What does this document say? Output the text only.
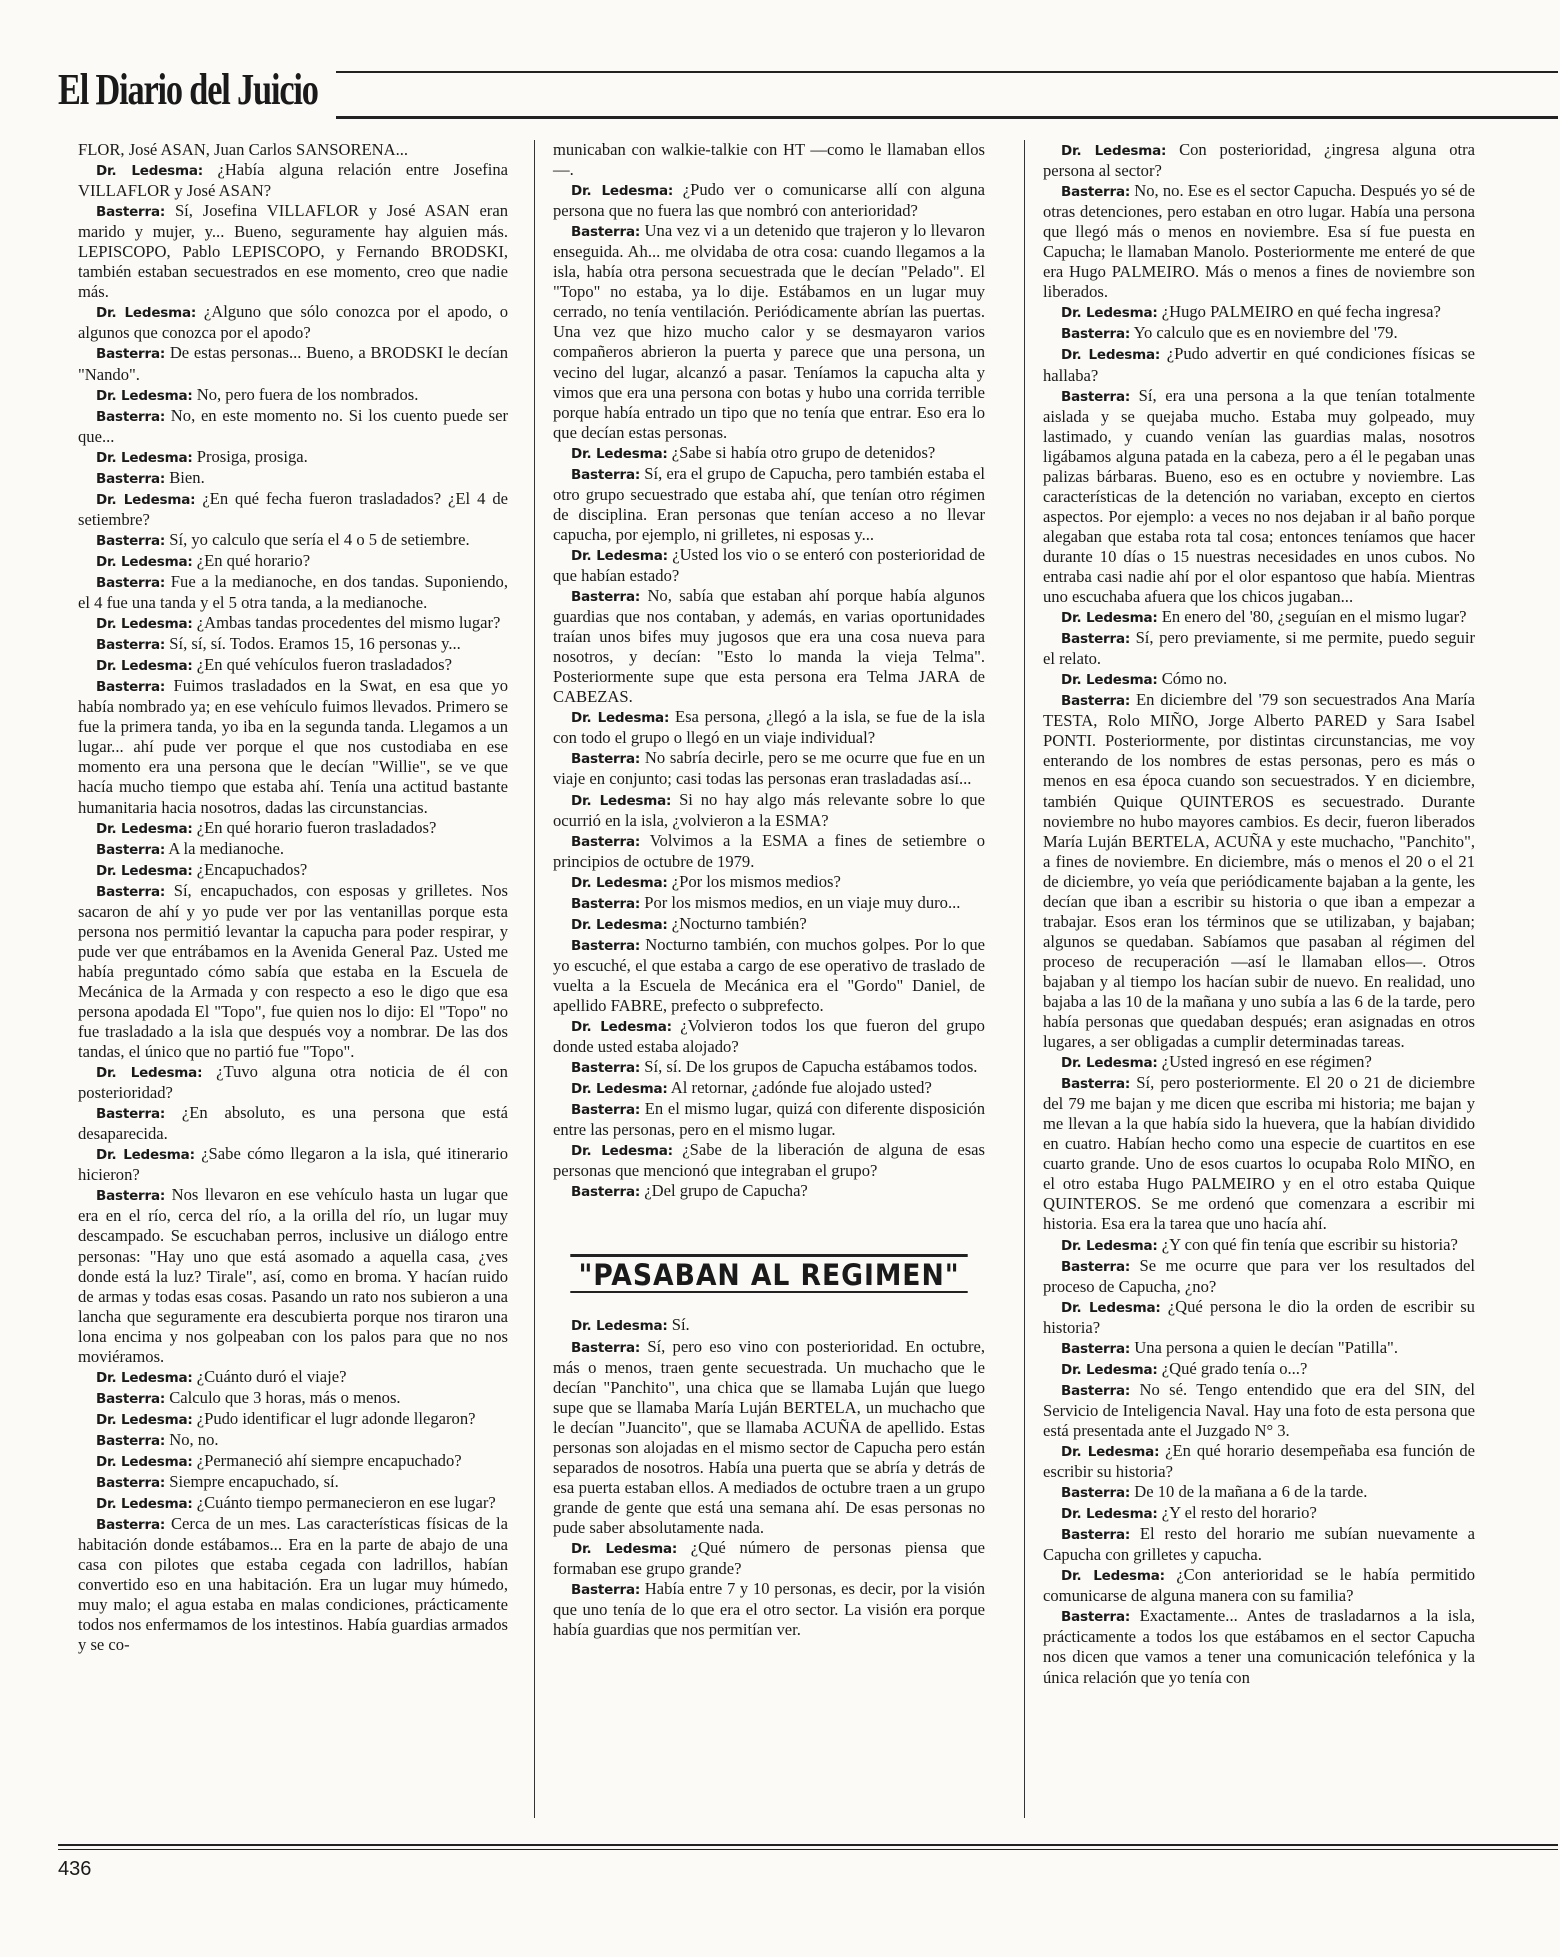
El Diario del Juicio

FLOR, José ASAN, Juan Carlos SANSORENA...

Dr. Ledesma: ¿Había alguna relación entre Josefina VILLAFLOR y José ASAN?

Basterra: Sí, Josefina VILLAFLOR y José ASAN eran marido y mujer, y... Bueno, seguramente hay alguien más. LEPISCOPO, Pablo LEPISCOPO, y Fernando BRODSKI, también estaban secuestrados en ese momento, creo que nadie más.

Dr. Ledesma: ¿Alguno que sólo conozca por el apodo, o algunos que conozca por el apodo?

Basterra: De estas personas... Bueno, a BRODSKI le decían "Nando".

Dr. Ledesma: No, pero fuera de los nombrados.

Basterra: No, en este momento no. Si los cuento puede ser que...

Dr. Ledesma: Prosiga, prosiga.

Basterra: Bien.

Dr. Ledesma: ¿En qué fecha fueron trasladados? ¿El 4 de setiembre?

Basterra: Sí, yo calculo que sería el 4 o 5 de setiembre.

Dr. Ledesma: ¿En qué horario?

Basterra: Fue a la medianoche, en dos tandas. Suponiendo, el 4 fue una tanda y el 5 otra tanda, a la medianoche.

Dr. Ledesma: ¿Ambas tandas procedentes del mismo lugar?

Basterra: Sí, sí, sí. Todos. Eramos 15, 16 personas y...

Dr. Ledesma: ¿En qué vehículos fueron trasladados?

Basterra: Fuimos trasladados en la Swat, en esa que yo había nombrado ya; en ese vehículo fuimos llevados. Primero se fue la primera tanda, yo iba en la segunda tanda. Llegamos a un lugar... ahí pude ver porque el que nos custodiaba en ese momento era una persona que le decían "Willie", se ve que hacía mucho tiempo que estaba ahí. Tenía una actitud bastante humanitaria hacia nosotros, dadas las circunstancias.

Dr. Ledesma: ¿En qué horario fueron trasladados?

Basterra: A la medianoche.

Dr. Ledesma: ¿Encapuchados?

Basterra: Sí, encapuchados, con esposas y grilletes. Nos sacaron de ahí y yo pude ver por las ventanillas porque esta persona nos permitió levantar la capucha para poder respirar, y pude ver que entrábamos en la Avenida General Paz. Usted me había preguntado cómo sabía que estaba en la Escuela de Mecánica de la Armada y con respecto a eso le digo que esa persona apodada El "Topo", fue quien nos lo dijo: El "Topo" no fue trasladado a la isla que después voy a nombrar. De las dos tandas, el único que no partió fue "Topo".

Dr. Ledesma: ¿Tuvo alguna otra noticia de él con posterioridad?

Basterra: ¿En absoluto, es una persona que está desaparecida.

Dr. Ledesma: ¿Sabe cómo llegaron a la isla, qué itinerario hicieron?

Basterra: Nos llevaron en ese vehículo hasta un lugar que era en el río, cerca del río, a la orilla del río, un lugar muy descampado. Se escuchaban perros, inclusive un diálogo entre personas: "Hay uno que está asomado a aquella casa, ¿ves donde está la luz? Tirale", así, como en broma. Y hacían ruido de armas y todas esas cosas. Pasando un rato nos subieron a una lancha que seguramente era descubierta porque nos tiraron una lona encima y nos golpeaban con los palos para que no nos moviéramos.

Dr. Ledesma: ¿Cuánto duró el viaje?

Basterra: Calculo que 3 horas, más o menos.

Dr. Ledesma: ¿Pudo identificar el lugr adonde llegaron?

Basterra: No, no.

Dr. Ledesma: ¿Permaneció ahí siempre encapuchado?

Basterra: Siempre encapuchado, sí.

Dr. Ledesma: ¿Cuánto tiempo permanecieron en ese lugar?

Basterra: Cerca de un mes. Las características físicas de la habitación donde estábamos... Era en la parte de abajo de una casa con pilotes que estaba cegada con ladrillos, habían convertido eso en una habitación. Era un lugar muy húmedo, muy malo; el agua estaba en malas condiciones, prácticamente todos nos enfermamos de los intestinos. Había guardias armados y se co-

municaban con walkie-talkie con HT —como le llamaban ellos—.

Dr. Ledesma: ¿Pudo ver o comunicarse allí con alguna persona que no fuera las que nombró con anterioridad?

Basterra: Una vez vi a un detenido que trajeron y lo llevaron enseguida. Ah... me olvidaba de otra cosa: cuando llegamos a la isla, había otra persona secuestrada que le decían "Pelado". El "Topo" no estaba, ya lo dije. Estábamos en un lugar muy cerrado, no tenía ventilación. Periódicamente abrían las puertas. Una vez que hizo mucho calor y se desmayaron varios compañeros abrieron la puerta y parece que una persona, un vecino del lugar, alcanzó a pasar. Teníamos la capucha alta y vimos que era una persona con botas y hubo una corrida terrible porque había entrado un tipo que no tenía que entrar. Eso era lo que decían estas personas.

Dr. Ledesma: ¿Sabe si había otro grupo de detenidos?

Basterra: Sí, era el grupo de Capucha, pero también estaba el otro grupo secuestrado que estaba ahí, que tenían otro régimen de disciplina. Eran personas que tenían acceso a no llevar capucha, por ejemplo, ni grilletes, ni esposas y...

Dr. Ledesma: ¿Usted los vio o se enteró con posterioridad de que habían estado?

Basterra: No, sabía que estaban ahí porque había algunos guardias que nos contaban, y además, en varias oportunidades traían unos bifes muy jugosos que era una cosa nueva para nosotros, y decían: "Esto lo manda la vieja Telma". Posteriormente supe que esta persona era Telma JARA de CABEZAS.

Dr. Ledesma: Esa persona, ¿llegó a la isla, se fue de la isla con todo el grupo o llegó en un viaje individual?

Basterra: No sabría decirle, pero se me ocurre que fue en un viaje en conjunto; casi todas las personas eran trasladadas así...

Dr. Ledesma: Si no hay algo más relevante sobre lo que ocurrió en la isla, ¿volvieron a la ESMA?

Basterra: Volvimos a la ESMA a fines de setiembre o principios de octubre de 1979.

Dr. Ledesma: ¿Por los mismos medios?

Basterra: Por los mismos medios, en un viaje muy duro...

Dr. Ledesma: ¿Nocturno también?

Basterra: Nocturno también, con muchos golpes. Por lo que yo escuché, el que estaba a cargo de ese operativo de traslado de vuelta a la Escuela de Mecánica era el "Gordo" Daniel, de apellido FABRE, prefecto o subprefecto.

Dr. Ledesma: ¿Volvieron todos los que fueron del grupo donde usted estaba alojado?

Basterra: Sí, sí. De los grupos de Capucha estábamos todos.

Dr. Ledesma: Al retornar, ¿adónde fue alojado usted?

Basterra: En el mismo lugar, quizá con diferente disposición entre las personas, pero en el mismo lugar.

Dr. Ledesma: ¿Sabe de la liberación de alguna de esas personas que mencionó que integraban el grupo?

Basterra: ¿Del grupo de Capucha?

"PASABAN AL REGIMEN"

Dr. Ledesma: Sí.

Basterra: Sí, pero eso vino con posterioridad. En octubre, más o menos, traen gente secuestrada. Un muchacho que le decían "Panchito", una chica que se llamaba Luján que luego supe que se llamaba María Luján BERTELA, un muchacho que le decían "Juancito", que se llamaba ACUÑA de apellido. Estas personas son alojadas en el mismo sector de Capucha pero están separados de nosotros. Había una puerta que se abría y detrás de esa puerta estaban ellos. A mediados de octubre traen a un grupo grande de gente que está una semana ahí. De esas personas no pude saber absolutamente nada.

Dr. Ledesma: ¿Qué número de personas piensa que formaban ese grupo grande?

Basterra: Había entre 7 y 10 personas, es decir, por la visión que uno tenía de lo que era el otro sector. La visión era porque había guardias que nos permitían ver.

Dr. Ledesma: Con posterioridad, ¿ingresa alguna otra persona al sector?

Basterra: No, no. Ese es el sector Capucha. Después yo sé de otras detenciones, pero estaban en otro lugar. Había una persona que llegó más o menos en noviembre. Esa sí fue puesta en Capucha; le llamaban Manolo. Posteriormente me enteré de que era Hugo PALMEIRO. Más o menos a fines de noviembre son liberados.

Dr. Ledesma: ¿Hugo PALMEIRO en qué fecha ingresa?

Basterra: Yo calculo que es en noviembre del '79.

Dr. Ledesma: ¿Pudo advertir en qué condiciones físicas se hallaba?

Basterra: Sí, era una persona a la que tenían totalmente aislada y se quejaba mucho. Estaba muy golpeado, muy lastimado, y cuando venían las guardias malas, nosotros ligábamos alguna patada en la cabeza, pero a él le pegaban unas palizas bárbaras. Bueno, eso es en octubre y noviembre. Las características de la detención no variaban, excepto en ciertos aspectos. Por ejemplo: a veces no nos dejaban ir al baño porque alegaban que estaba rota tal cosa; entonces teníamos que hacer durante 10 días o 15 nuestras necesidades en unos cubos. No entraba casi nadie ahí por el olor espantoso que había. Mientras uno escuchaba afuera que los chicos jugaban...

Dr. Ledesma: En enero del '80, ¿seguían en el mismo lugar?

Basterra: Sí, pero previamente, si me permite, puedo seguir el relato.

Dr. Ledesma: Cómo no.

Basterra: En diciembre del '79 son secuestrados Ana María TESTA, Rolo MIÑO, Jorge Alberto PARED y Sara Isabel PONTI. Posteriormente, por distintas circunstancias, me voy enterando de los nombres de estas personas, pero es más o menos en esa época cuando son secuestrados. Y en diciembre, también Quique QUINTEROS es secuestrado. Durante noviembre no hubo mayores cambios. Es decir, fueron liberados María Luján BERTELA, ACUÑA y este muchacho, "Panchito", a fines de noviembre. En diciembre, más o menos el 20 o el 21 de diciembre, yo veía que periódicamente bajaban a la gente, les decían que iban a escribir su historia o que iban a empezar a trabajar. Esos eran los términos que se utilizaban, y bajaban; algunos se quedaban. Sabíamos que pasaban al régimen del proceso de recuperación —así le llamaban ellos—. Otros bajaban y al tiempo los hacían subir de nuevo. En realidad, uno bajaba a las 10 de la mañana y uno subía a las 6 de la tarde, pero había personas que quedaban después; eran asignadas en otros lugares, a ser obligadas a cumplir determinadas tareas.

Dr. Ledesma: ¿Usted ingresó en ese régimen?

Basterra: Sí, pero posteriormente. El 20 o 21 de diciembre del 79 me bajan y me dicen que escriba mi historia; me bajan y me llevan a la que había sido la huevera, que la habían dividido en cuatro. Habían hecho como una especie de cuartitos en ese cuarto grande. Uno de esos cuartos lo ocupaba Rolo MIÑO, en el otro estaba Hugo PALMEIRO y en el otro estaba Quique QUINTEROS. Se me ordenó que comenzara a escribir mi historia. Esa era la tarea que uno hacía ahí.

Dr. Ledesma: ¿Y con qué fin tenía que escribir su historia?

Basterra: Se me ocurre que para ver los resultados del proceso de Capucha, ¿no?

Dr. Ledesma: ¿Qué persona le dio la orden de escribir su historia?

Basterra: Una persona a quien le decían "Patilla".

Dr. Ledesma: ¿Qué grado tenía o...?

Basterra: No sé. Tengo entendido que era del SIN, del Servicio de Inteligencia Naval. Hay una foto de esta persona que está presentada ante el Juzgado N° 3.

Dr. Ledesma: ¿En qué horario desempeñaba esa función de escribir su historia?

Basterra: De 10 de la mañana a 6 de la tarde.

Dr. Ledesma: ¿Y el resto del horario?

Basterra: El resto del horario me subían nuevamente a Capucha con grilletes y capucha.

Dr. Ledesma: ¿Con anterioridad se le había permitido comunicarse de alguna manera con su familia?

Basterra: Exactamente... Antes de trasladarnos a la isla, prácticamente a todos los que estábamos en el sector Capucha nos dicen que vamos a tener una comunicación telefónica y la única relación que yo tenía con

436
